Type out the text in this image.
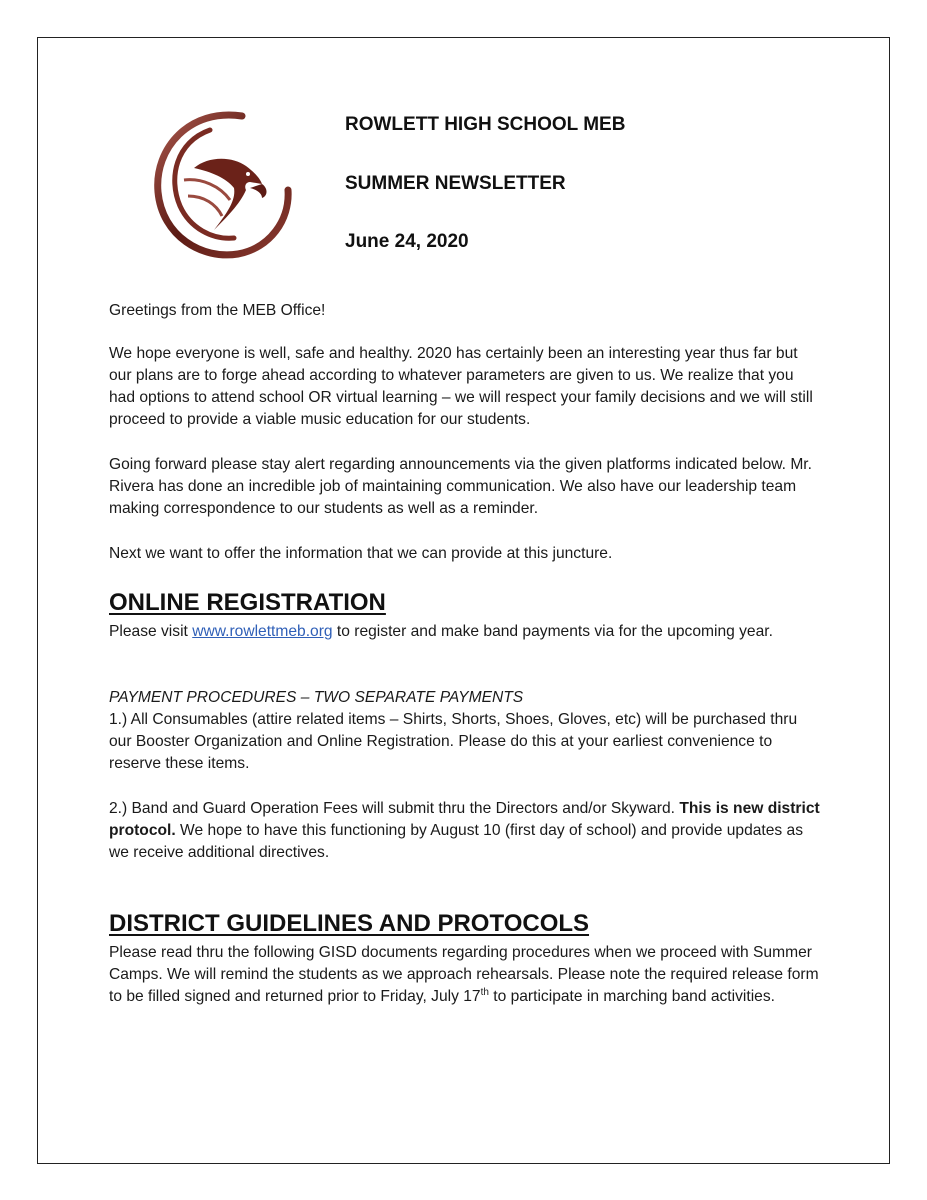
ROWLETT HIGH SCHOOL MEB
SUMMER NEWSLETTER
June 24, 2020
Greetings from the MEB Office!
We hope everyone is well, safe and healthy. 2020 has certainly been an interesting year thus far but our plans are to forge ahead according to whatever parameters are given to us. We realize that you had options to attend school OR virtual learning – we will respect your family decisions and we will still proceed to provide a viable music education for our students.
Going forward please stay alert regarding announcements via the given platforms indicated below. Mr. Rivera has done an incredible job of maintaining communication. We also have our leadership team making correspondence to our students as well as a reminder.
Next we want to offer the information that we can provide at this juncture.
ONLINE REGISTRATION
Please visit www.rowlettmeb.org to register and make band payments via for the upcoming year.
PAYMENT PROCEDURES – TWO SEPARATE PAYMENTS
1.) All Consumables (attire related items – Shirts, Shorts, Shoes, Gloves, etc) will be purchased thru our Booster Organization and Online Registration. Please do this at your earliest convenience to reserve these items.
2.) Band and Guard Operation Fees will submit thru the Directors and/or Skyward. This is new district protocol. We hope to have this functioning by August 10 (first day of school) and provide updates as we receive additional directives.
DISTRICT GUIDELINES AND PROTOCOLS
Please read thru the following GISD documents regarding procedures when we proceed with Summer Camps. We will remind the students as we approach rehearsals. Please note the required release form to be filled signed and returned prior to Friday, July 17th to participate in marching band activities.
